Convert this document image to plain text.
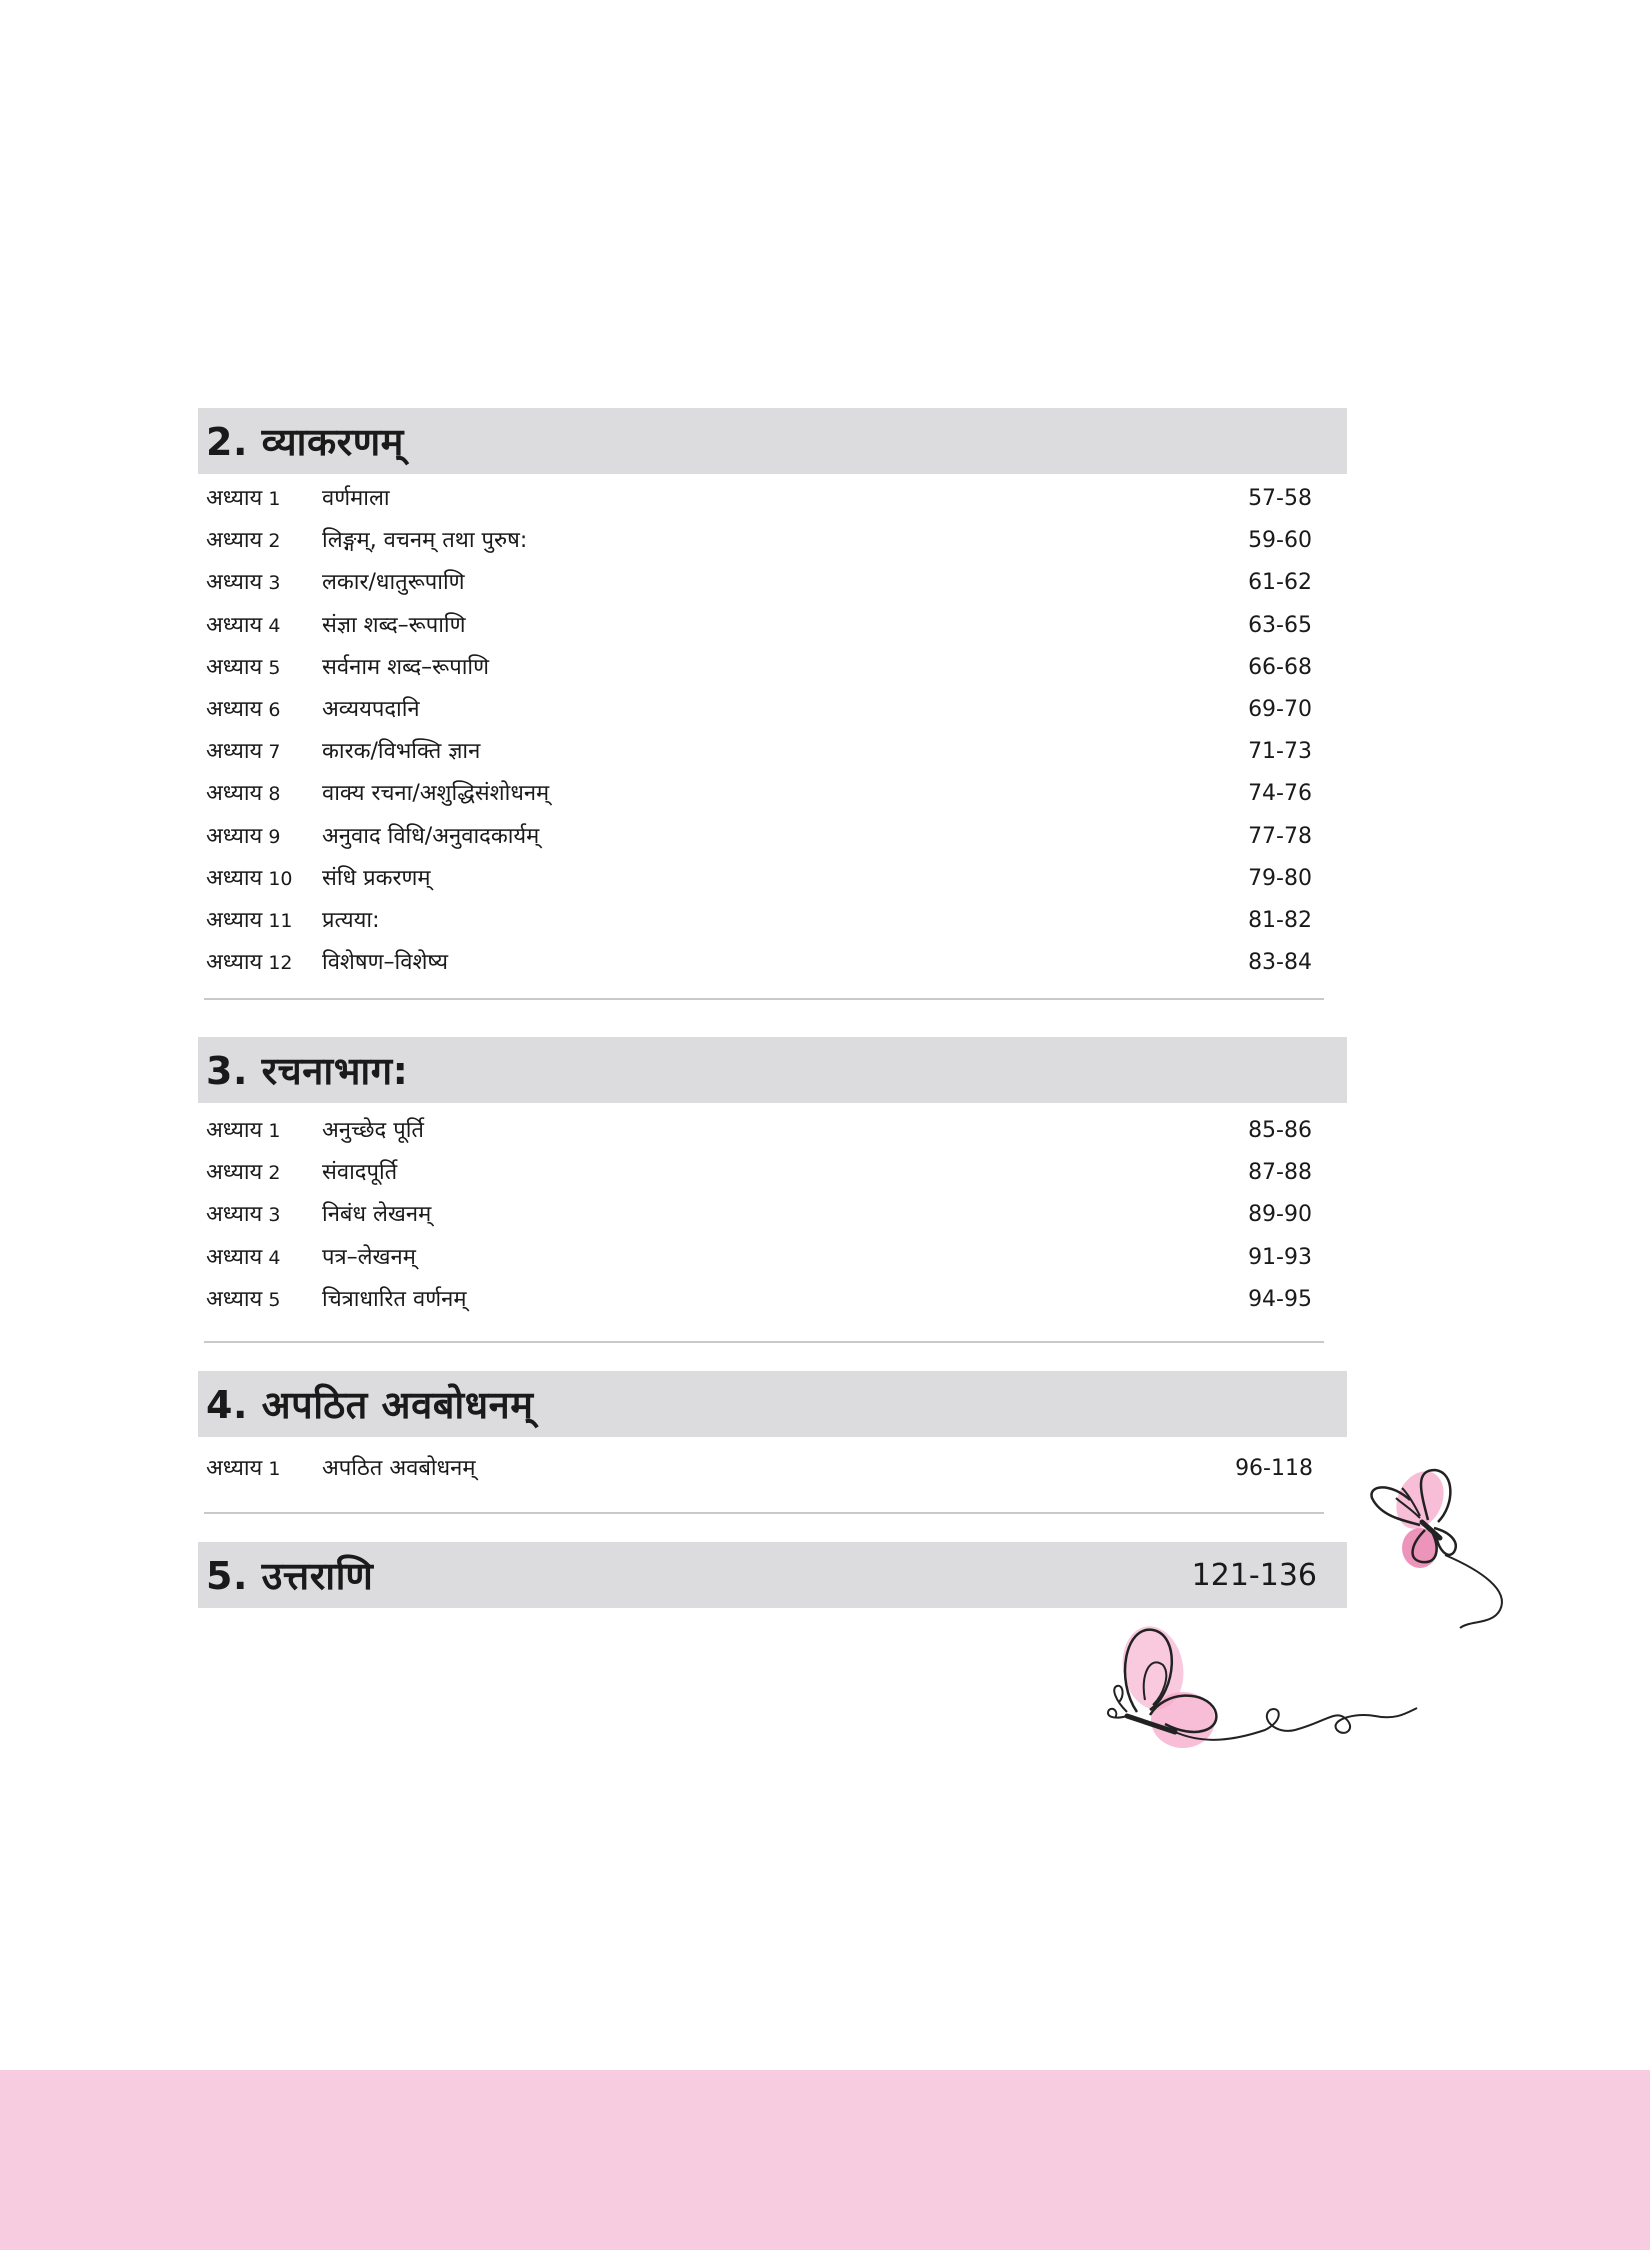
2. व्याकरणम्
अध्याय 1 वर्णमाला	57-58
अध्याय 2 लिङ्गम्, वचनम् तथा पुरुष:	59-60
अध्याय 3 लकार/धातुरूपाणि	61-62
अध्याय 4 संज्ञा शब्द–रूपाणि	63-65
अध्याय 5 सर्वनाम शब्द–रूपाणि	66-68
अध्याय 6 अव्ययपदानि	69-70
अध्याय 7 कारक/विभक्ति ज्ञान	71-73
अध्याय 8 वाक्य रचना/अशुद्धिसंशोधनम्	74-76
अध्याय 9 अनुवाद विधि/अनुवादकार्यम्	77-78
अध्याय 10 संधि प्रकरणम्	79-80
अध्याय 11 प्रत्यया:	81-82
अध्याय 12 विशेषण–विशेष्य	83-84
3. रचनाभाग:
अध्याय 1 अनुच्छेद पूर्ति	85-86
अध्याय 2 संवादपूर्ति	87-88
अध्याय 3 निबंध लेखनम्	89-90
अध्याय 4 पत्र–लेखनम्	91-93
अध्याय 5 चित्राधारित वर्णनम्	94-95
4. अपठित अवबोधनम्
अध्याय 1 अपठित अवबोधनम्	96-118
5. उत्तराणि	121-136
